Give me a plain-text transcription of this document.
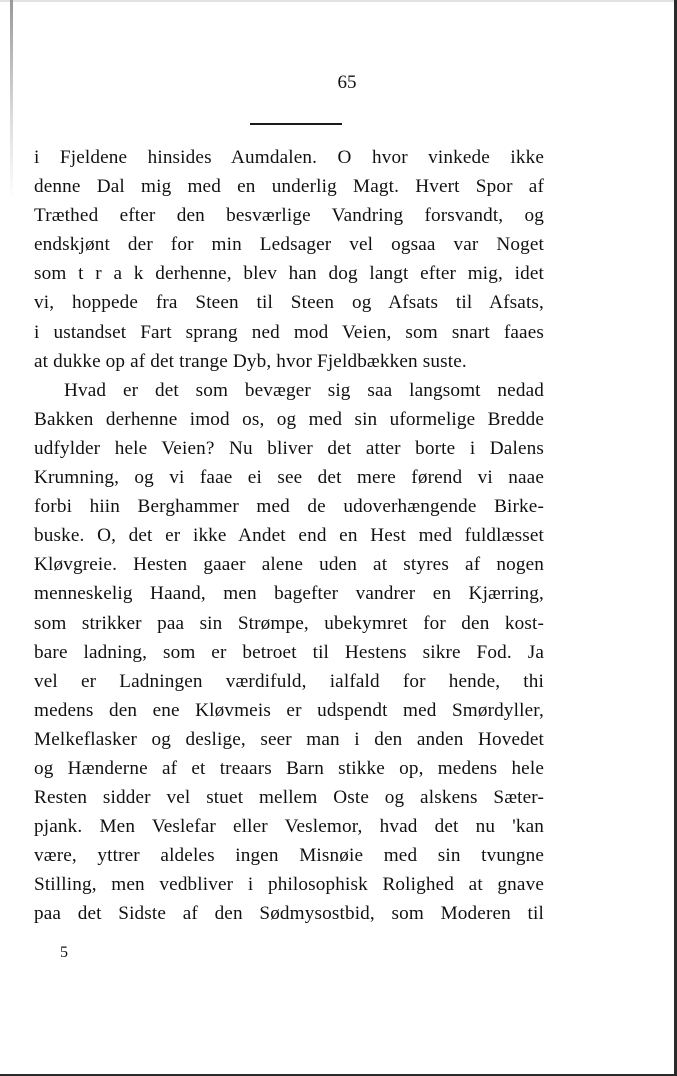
65
i Fjeldene hinsides Aumdalen. O hvor vinkede ikke
denne Dal mig med en underlig Magt. Hvert Spor af
Træthed efter den besværlige Vandring forsvandt, og
endskjønt der for min Ledsager vel ogsaa var Noget
som t r a k derhenne, blev han dog langt efter mig, idet
vi, hoppede fra Steen til Steen og Afsats til Afsats,
i ustandset Fart sprang ned mod Veien, som snart faaes
at dukke op af det trange Dyb, hvor Fjeldbækken suste.
Hvad er det som bevæger sig saa langsomt nedad
Bakken derhenne imod os, og med sin uformelige Bredde
udfylder hele Veien? Nu bliver det atter borte i Dalens
Krumning, og vi faae ei see det mere førend vi naae
forbi hiin Berghammer med de udoverhængende Birke-
buske. O, det er ikke Andet end en Hest med fuldlæsset
Kløvgreie. Hesten gaaer alene uden at styres af nogen
menneskelig Haand, men bagefter vandrer en Kjærring,
som strikker paa sin Strømpe, ubekymret for den kost-
bare ladning, som er betroet til Hestens sikre Fod. Ja
vel er Ladningen værdifuld, ialfald for hende, thi
medens den ene Kløvmeis er udspendt med Smørdyller,
Melkeflasker og deslige, seer man i den anden Hovedet
og Hænderne af et treaars Barn stikke op, medens hele
Resten sidder vel stuet mellem Oste og alskens Sæter-
pjank. Men Veslefar eller Veslemor, hvad det nu 'kan
være, yttrer aldeles ingen Misnøie med sin tvungne
Stilling, men vedbliver i philosophisk Rolighed at gnave
paa det Sidste af den Sødmysostbid, som Moderen til
5
